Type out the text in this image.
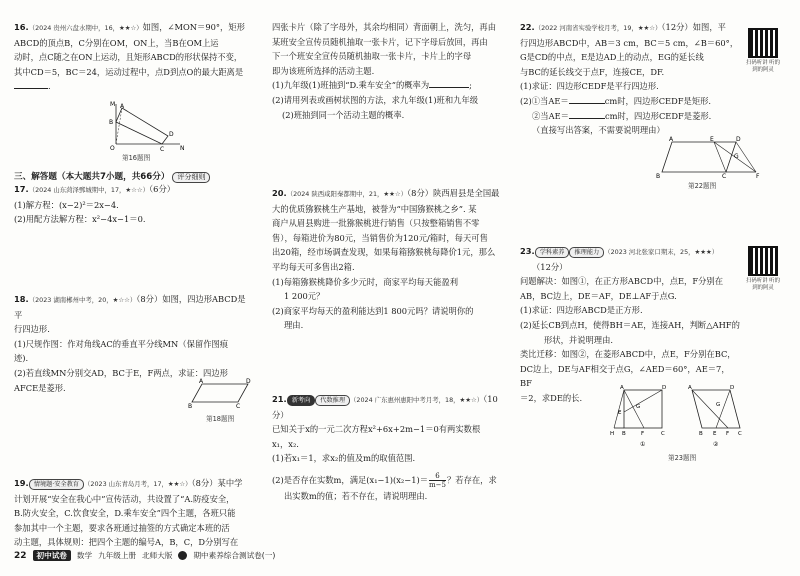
16.（2024 贵州六盘水期中，16，★★☆）如图，∠MON＝90°，矩形

ABCD的顶点B，C分别在OM，ON上，当B在OM上运

动时，点C随之在ON上运动，且矩形ABCD的形状保持不变，

其中CD＝5，BC＝24，运动过程中，点D到点O的最大距离是

.

M
O	N
A
B
C
D
第16题图
三、解答题（本大题共7小题，共66分） 评分细则

17.（2024 山东菏泽鄄城期中，17，★☆☆）（6分）

(1)解方程：(x−2)²＝2x−4.

(2)用配方法解方程：x²−4x−1＝0.

18.（2023 湖南郴州中考，20，★☆☆）（8分）如图，四边形ABCD是平

行四边形.

(1)尺规作图：作对角线AC的垂直平分线MN（保留作图痕

迹).

(2)若直线MN分别交AD，BC于E，F两点，求证：四边形

AFCE是菱形.

A
B	C
D
第18题图

19. 情境题·安全教育 （2023 山东青岛月考，17，★★☆）（8分）某中学

计划开展“安全在我心中”宣传活动，共设置了“A.防疫安全，

B.防火安全，C.饮食安全，D.乘车安全”四个主题，各班只能

参加其中一个主题，要求各班通过抽签的方式确定本班的活

动主题，具体规则：把四个主题的编号A，B，C，D分别写在

四张卡片（除了字母外，其余均相同）背面朝上，洗匀，再由

某班安全宣传员随机抽取一张卡片，记下字母后放回，再由

下一个班安全宣传员随机抽取一张卡片，卡片上的字母

即为该班所选择的活动主题.

(1)九年级(1)班抽到“D.乘车安全”的概率为	;

(2)请用列表或画树状图的方法，求九年级(1)班和九年级

(2)班抽到同一个活动主题的概率.

20.（2024 陕西咸阳秦都期中，21，★★☆）（8分）陕西眉县是全国最

大的优质猕猴桃生产基地，被誉为“中国猕猴桃之乡”. 某

商户从眉县购进一批猕猴桃进行销售（只按整箱销售不零

售），每箱进价为80元，当销售价为120元/箱时，每天可售

出20箱，经市场调查发现，如果每箱猕猴桃每降价1元，那么

平均每天可多售出2箱.

(1)每箱猕猴桃降价多少元时，商家平均每天能盈利

1 200元？

(2)商家平均每天的盈利能达到1 800元吗？请说明你的

理由.

21. 新考向 代数推理 （2024 广东惠州惠阳中考月考，18，★★☆）（10分）

已知关于x的一元二次方程x²+6x+2m−1＝0有两实数根

x₁，x₂.

(1)若x₁＝1，求x₂的值及m的取值范围.

(2)是否存在实数m，满足$(x_1-1)(x_2-1)= \frac{6}{m-5}$ ？若存在，求

出实数m的值；若不存在，请说明理由.

22.（2022 河南省实验学校月考，19，★★☆）（12分）如图，平

行四边形ABCD中，AB＝3 cm，BC＝5 cm，∠B＝60°，

G是CD的中点，E是边AD上的动点，EG的延长线

与BC的延长线交于点F，连接CE，DF.

(1)求证：四边形CEDF是平行四边形.

(2)①当AE＝	cm时，四边形CEDF是矩形.

②当AE＝	cm时，四边形CEDF是菱形.

（直接写出答案，不需要说明理由）

扫码听讲 听的到的阿灵
A
B	C
D
E
F
G
第22题图

23. 学科素养 推理能力 （2023 河北张家口期末，25，★★★）

（12分）

问题解决：如图①，在正方形ABCD中，点E，F分别在

AB，BC边上，DE＝AF，DE⊥AF于点G.

(1)求证：四边形ABCD是正方形.

(2)延长CB到点H，使得BH＝AE，连接AH，判断△AHF的

形状，并说明理由.

类比迁移：如图②，在菱形ABCD中，点E，F分别在BC，

DC边上，DE与AF相交于点G，∠AED＝60°，AE＝7，BF

＝2，求DE的长.

扫码听讲 听的到的阿灵
A	D
B	C
H	F
E
G
①
A	D
B	C
E F
G
②
第23题图
22	初中试卷	数学 九年级上册 北师大版	期中素养综合测试卷(一)
